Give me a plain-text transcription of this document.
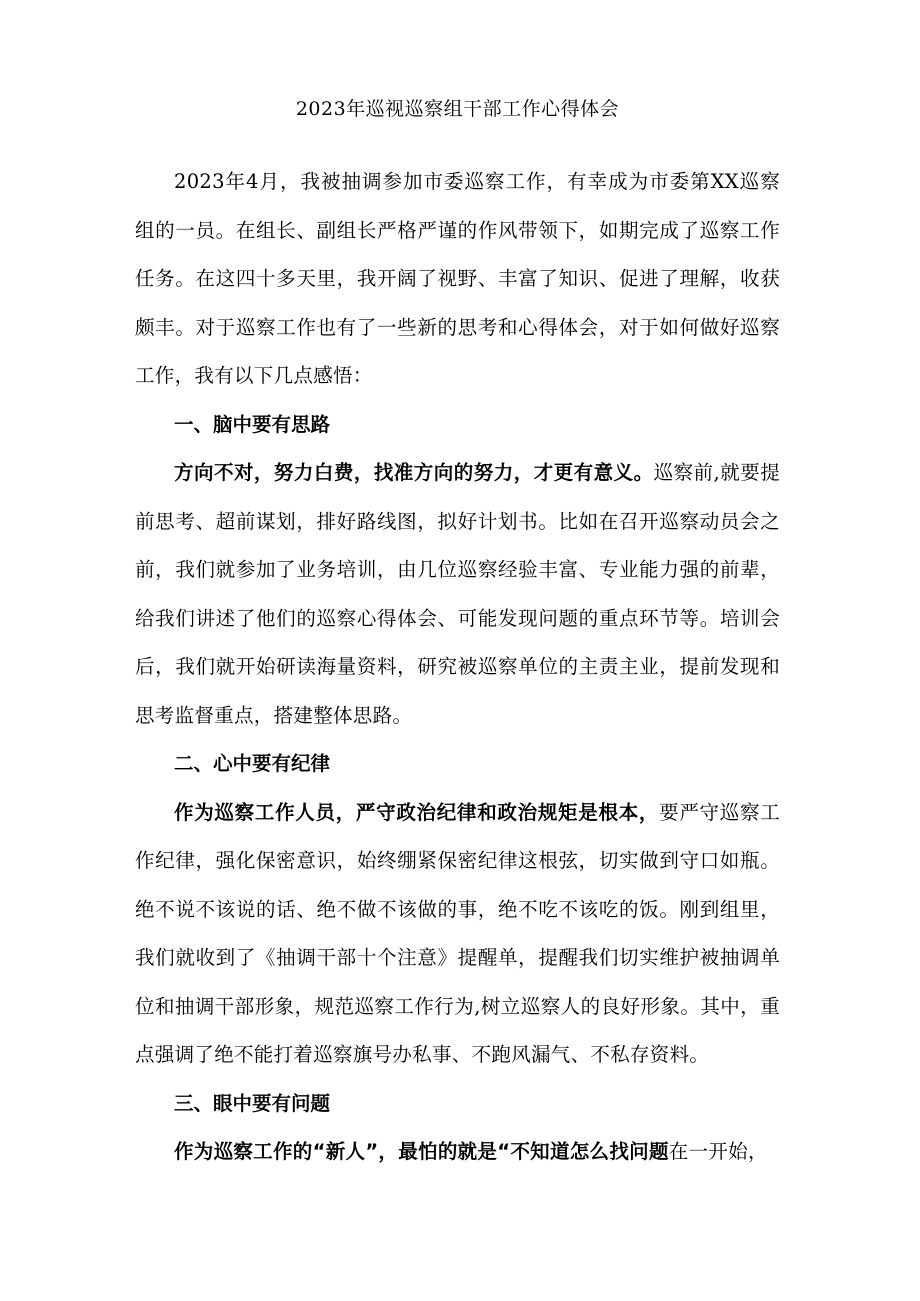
2023年巡视巡察组干部工作心得体会

2023年4月，我被抽调参加市委巡察工作，有幸成为市委第XX巡察组的一员。在组长、副组长严格严谨的作风带领下，如期完成了巡察工作任务。在这四十多天里，我开阔了视野、丰富了知识、促进了理解，收获颇丰。对于巡察工作也有了一些新的思考和心得体会，对于如何做好巡察工作，我有以下几点感悟：

一、脑中要有思路

方向不对，努力白费，找准方向的努力，才更有意义。巡察前,就要提前思考、超前谋划，排好路线图，拟好计划书。比如在召开巡察动员会之前，我们就参加了业务培训，由几位巡察经验丰富、专业能力强的前辈，给我们讲述了他们的巡察心得体会、可能发现问题的重点环节等。培训会后，我们就开始研读海量资料，研究被巡察单位的主责主业，提前发现和思考监督重点，搭建整体思路。

二、心中要有纪律

作为巡察工作人员，严守政治纪律和政治规矩是根本，要严守巡察工作纪律，强化保密意识，始终绷紧保密纪律这根弦，切实做到守口如瓶。绝不说不该说的话、绝不做不该做的事，绝不吃不该吃的饭。刚到组里，我们就收到了《抽调干部十个注意》提醒单，提醒我们切实维护被抽调单位和抽调干部形象，规范巡察工作行为,树立巡察人的良好形象。其中，重点强调了绝不能打着巡察旗号办私事、不跑风漏气、不私存资料。

三、眼中要有问题

作为巡察工作的“新人”，最怕的就是“不知道怎么找问题在一开始，
